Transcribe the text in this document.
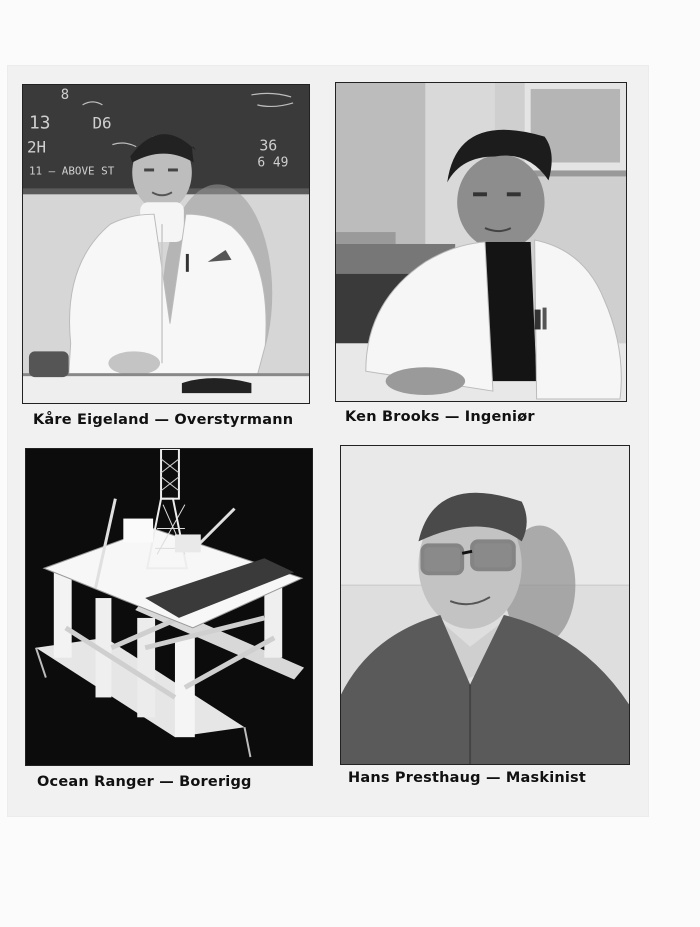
8
13	D6
2H
11 — ABOVE ST
36
6 49
Kåre Eigeland — Overstyrmann	Ken Brooks — Ingeniør
Ocean Ranger — Borerigg	Hans Presthaug — Maskinist
